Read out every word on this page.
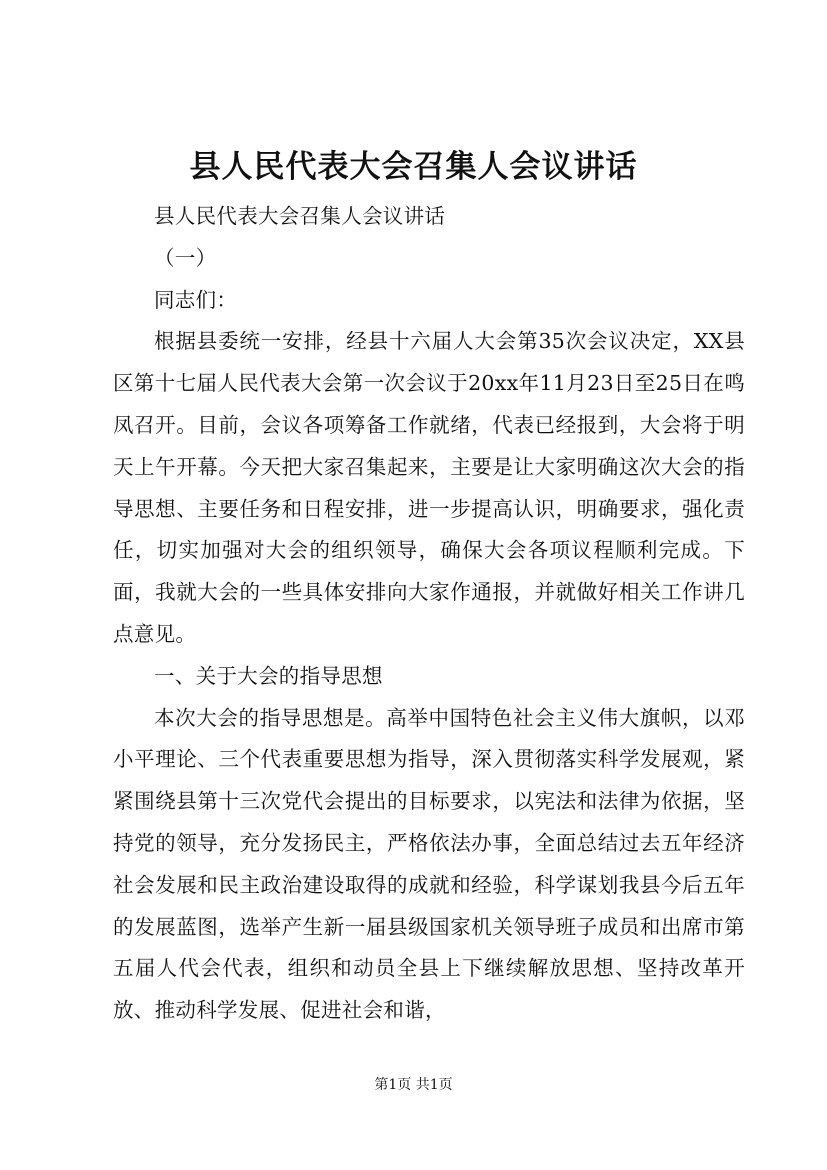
县人民代表大会召集人会议讲话

县人民代表大会召集人会议讲话

（一）

同志们：

根据县委统一安排，经县十六届人大会第35次会议决定，XX县区第十七届人民代表大会第一次会议于20xx年11月23日至25日在鸣凤召开。目前，会议各项筹备工作就绪，代表已经报到，大会将于明天上午开幕。今天把大家召集起来，主要是让大家明确这次大会的指导思想、主要任务和日程安排，进一步提高认识，明确要求，强化责任，切实加强对大会的组织领导，确保大会各项议程顺利完成。下面，我就大会的一些具体安排向大家作通报，并就做好相关工作讲几点意见。

一、关于大会的指导思想

本次大会的指导思想是。高举中国特色社会主义伟大旗帜，以邓小平理论、三个代表重要思想为指导，深入贯彻落实科学发展观，紧紧围绕县第十三次党代会提出的目标要求，以宪法和法律为依据，坚持党的领导，充分发扬民主，严格依法办事，全面总结过去五年经济社会发展和民主政治建设取得的成就和经验，科学谋划我县今后五年的发展蓝图，选举产生新一届县级国家机关领导班子成员和出席市第五届人代会代表，组织和动员全县上下继续解放思想、坚持改革开放、推动科学发展、促进社会和谐，

第1页 共1页
